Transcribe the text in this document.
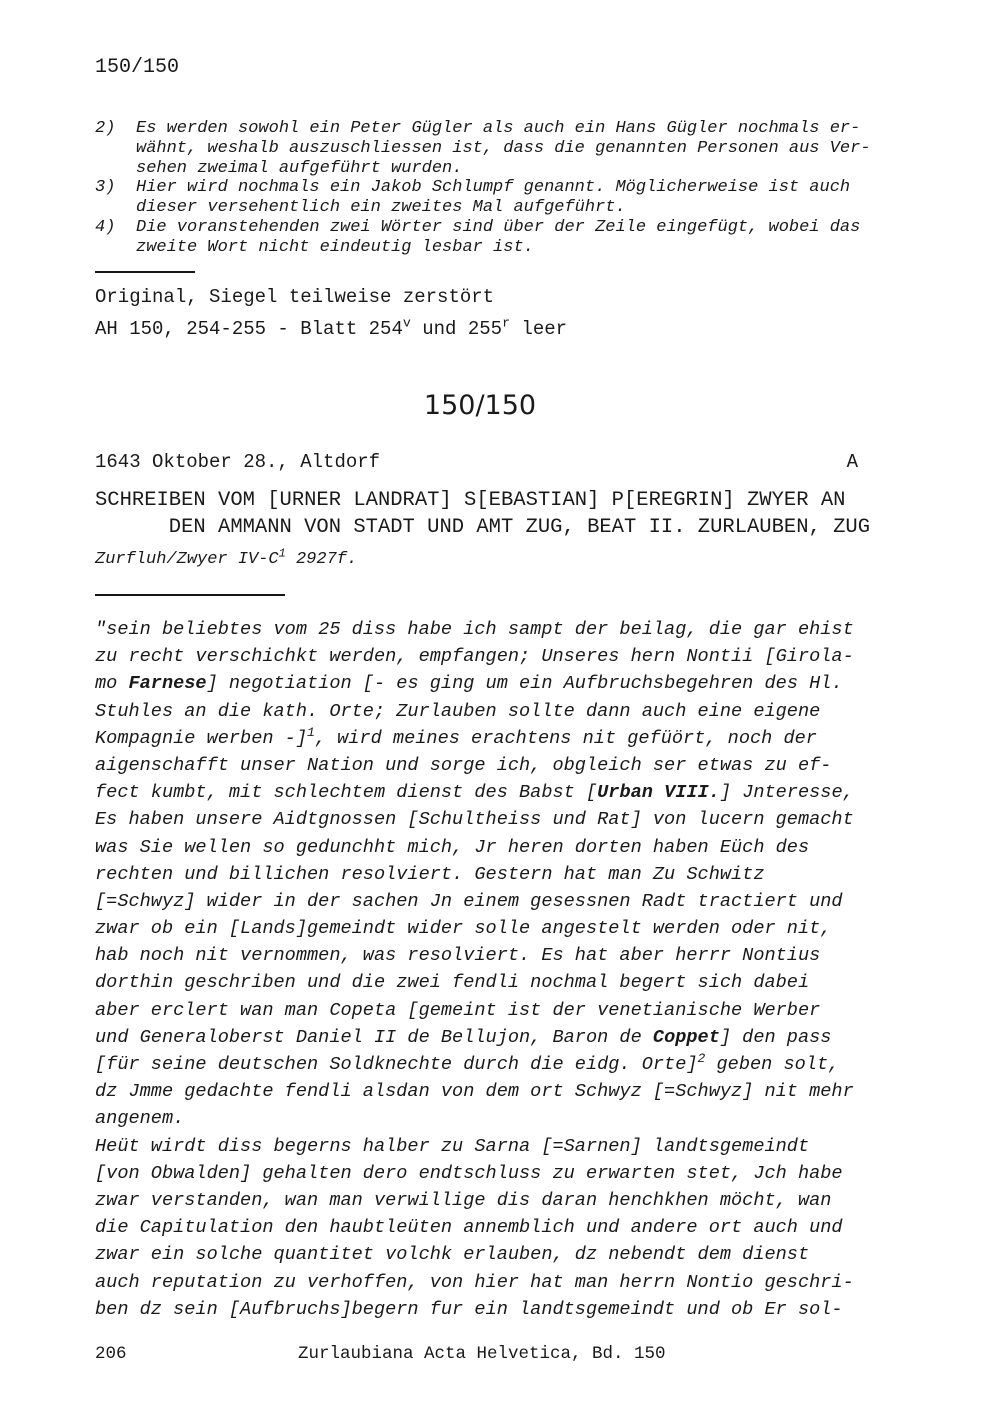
150/150
2) Es werden sowohl ein Peter Gügler als auch ein Hans Gügler nochmals er-
wähnt, weshalb auszuschliessen ist, dass die genannten Personen aus Ver-
sehen zweimal aufgeführt wurden.
3) Hier wird nochmals ein Jakob Schlumpf genannt. Möglicherweise ist auch
dieser versehentlich ein zweites Mal aufgeführt.
4) Die voranstehenden zwei Wörter sind über der Zeile eingefügt, wobei das
zweite Wort nicht eindeutig lesbar ist.
Original, Siegel teilweise zerstört
AH 150, 254-255 - Blatt 254$^v$ und 255$^r$ leer
150/150
1643 Oktober 28., Altdorf	A
SCHREIBEN VOM [URNER LANDRAT] S[EBASTIAN] P[EREGRIN] ZWYER AN
DEN AMMANN VON STADT UND AMT ZUG, BEAT II. ZURLAUBEN, ZUG
Zurfluh/Zwyer $IV-C^1$ 2927f.
"sein beliebtes vom 25 diss habe ich sampt der beilag, die gar ehist
zu recht verschichkt werden, empfangen; Unseres hern Nontii [Girola-
mo Farnese] negotiation [- es ging um ein Aufbruchsbegehren des Hl.
Stuhles an die kath. Orte; Zurlauben sollte dann auch eine eigene
Kompagnie werben -]$^1$, wird meines erachtens nit gefüört, noch der
aigenschafft unser Nation und sorge ich, obgleich ser etwas zu ef-
fect kumbt, mit schlechtem dienst des Babst [Urban VIII.] Jnteresse,
Es haben unsere Aidtgnossen [Schultheiss und Rat] von lucern gemacht
was Sie wellen so gedunchht mich, Jr heren dorten haben Eüch des
rechten und billichen resolviert. Gestern hat man Zu Schwitz
[=Schwyz] wider in der sachen Jn einem gesessnen Radt tractiert und
zwar ob ein [Lands]gemeindt wider solle angestelt werden oder nit,
hab noch nit vernommen, was resolviert. Es hat aber herrr Nontius
dorthin geschriben und die zwei fendli nochmal begert sich dabei
aber erclert wan man Copeta [gemeint ist der venetianische Werber
und Generaloberst Daniel II de Bellujon, Baron de Coppet] den pass
[für seine deutschen Soldknechte durch die eidg. Orte]$^2$ geben solt,
dz Jmme gedachte fendli alsdan von dem ort Schwyz [=Schwyz] nit mehr
angenem.
Heüt wirdt diss begerns halber zu Sarna [=Sarnen] landtsgemeindt
[von Obwalden] gehalten dero endtschluss zu erwarten stet, Jch habe
zwar verstanden, wan man verwillige dis daran henchkhen möcht, wan
die Capitulation den haubtleüten annemblich und andere ort auch und
zwar ein solche quantitet volchk erlauben, dz nebendt dem dienst
auch reputation zu verhoffen, von hier hat man herrn Nontio geschri-
ben dz sein [Aufbruchs]begern fur ein landtsgemeindt und ob Er sol-
206	Zurlaubiana Acta Helvetica, Bd. 150
